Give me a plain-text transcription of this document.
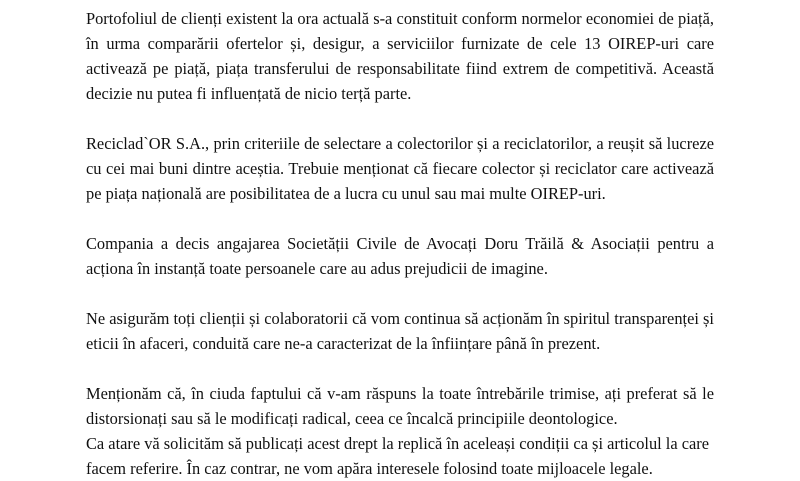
Portofoliul de clienți existent la ora actuală s-a constituit conform normelor economiei de piață, în urma comparării ofertelor și, desigur, a serviciilor furnizate de cele 13 OIREP-uri care activează pe piață, piața transferului de responsabilitate fiind extrem de competitivă. Această decizie nu putea fi influențată de nicio terță parte.

Reciclad`OR S.A., prin criteriile de selectare a colectorilor și a reciclatorilor, a reușit să lucreze cu cei mai buni dintre aceștia. Trebuie menționat că fiecare colector și reciclator care activează pe piața națională are posibilitatea de a lucra cu unul sau mai multe OIREP-uri.

Compania a decis angajarea Societății Civile de Avocați Doru Trăilă & Asociații pentru a acționa în instanță toate persoanele care au adus prejudicii de imagine.

Ne asigurăm toți clienții și colaboratorii că vom continua să acționăm în spiritul transparenței și eticii în afaceri, conduită care ne-a caracterizat de la înființare până în prezent.

Menționăm că, în ciuda faptului că v-am răspuns la toate întrebările trimise, ați preferat să le distorsionați sau să le modificați radical, ceea ce încalcă principiile deontologice.

Ca atare vă solicităm să publicați acest drept la replică în aceleași condiții ca și articolul la care facem referire. În caz contrar, ne vom apăra interesele folosind toate mijloacele legale.
